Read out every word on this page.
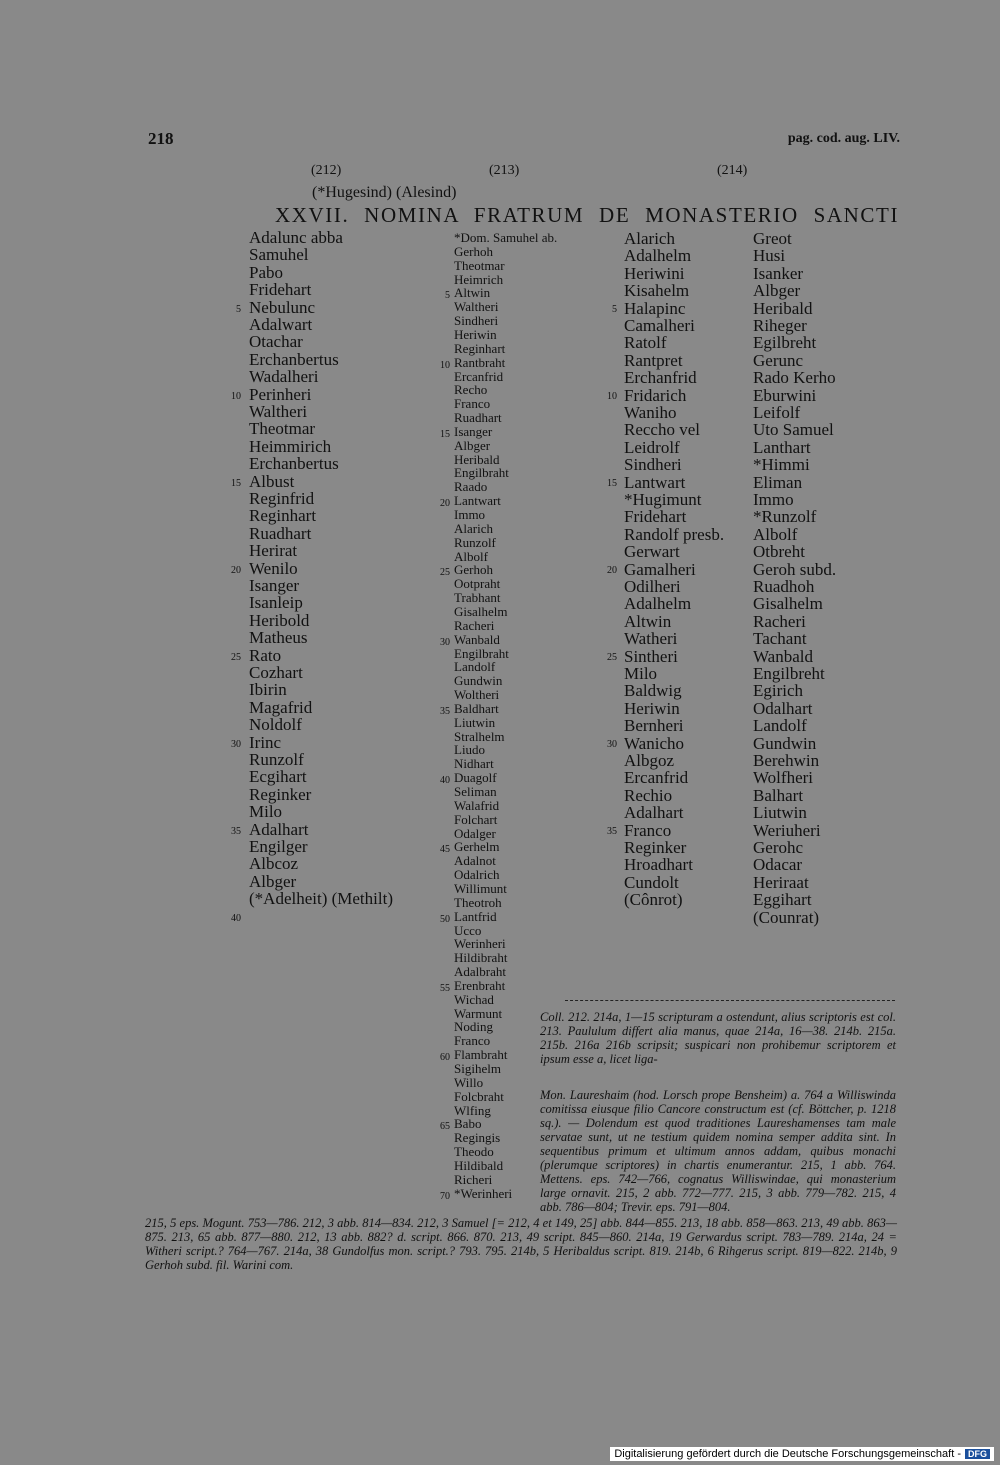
218	pag. cod. aug. LIV.
(212)	(213)	(214)
(*Hugesind) (Alesind)
XXVII. NOMINA FRATRUM DE MONASTERIO SANCTI
Adalunc abba
Samuhel
Pabo
Fridehart
Nebulunc
Adalwart
Otachar
Erchanbertus
Wadalheri
Perinheri
Waltheri
Theotmar
Heimmirich
Erchanbertus
Albust
Reginfrid
Reginhart
Ruadhart
Herirat
Wenilo
Isanger
Isanleip
Heribold
Matheus
Rato
Cozhart
Ibirin
Magafrid
Noldolf
Irinc
Runzolf
Ecgihart
Reginker
Milo
Adalhart
Engilger
Albcoz
Albger
(*Adelheit) (Methilt)
5
10
15
20
25
30
35
40
*Dom. Samuhel ab.
Gerhoh
Theotmar
Heimrich
Altwin
Waltheri
Sindheri
Heriwin
Reginhart
Rantbraht
Ercanfrid
Recho
Franco
Ruadhart
Isanger
Albger
Heribald
Engilbraht
Raado
Lantwart
Immo
Alarich
Runzolf
Albolf
Gerhoh
Ootpraht
Trabhant
Gisalhelm
Racheri
Wanbald
Engilbraht
Landolf
Gundwin
Woltheri
Baldhart
Liutwin
Stralhelm
Liudo
Nidhart
Duagolf
Seliman
Walafrid
Folchart
Odalger
Gerhelm
Adalnot
Odalrich
Willimunt
Theotroh
Lantfrid
Ucco
Werinheri
Hildibraht
Adalbraht
Erenbraht
Wichad
Warmunt
Noding
Franco
Flambraht
Sigihelm
Willo
Folcbraht
Wlfing
Babo
Regingis
Theodo
Hildibald
Richeri
*Werinheri
5
10
15
20
25
30
35
40
45
50
55
60
65
70
Alarich
Adalhelm
Heriwini
Kisahelm
Halapinc
Camalheri
Ratolf
Rantpret
Erchanfrid
Fridarich
Waniho
Reccho vel
Leidrolf
Sindheri
Lantwart
*Hugimunt
Fridehart
Randolf presb.
Gerwart
Gamalheri
Odilheri
Adalhelm
Altwin
Watheri
Sintheri
Milo
Baldwig
Heriwin
Bernheri
Wanicho
Albgoz
Ercanfrid
Rechio
Adalhart
Franco
Reginker
Hroadhart
Cundolt
(Cônrot)
5
10
15
20
25
30
35
Greot
Husi
Isanker
Albger
Heribald
Riheger
Egilbreht
Gerunc
Rado Kerho
Eburwini
Leifolf
Uto Samuel
Lanthart
*Himmi
Eliman
Immo
*Runzolf
Albolf
Otbreht
Geroh subd.
Ruadhoh
Gisalhelm
Racheri
Tachant
Wanbald
Engilbreht
Egirich
Odalhart
Landolf
Gundwin
Berehwin
Wolfheri
Balhart
Liutwin
Weriuheri
Gerohc
Odacar
Heriraat
Eggihart
(Counrat)

Coll. 212. 214a, 1—15 scripturam a ostendunt, alius scriptoris est col. 213. Paululum differt alia manus, quae 214a, 16—38. 214b. 215a. 215b. 216a 216b scripsit; suspicari non prohibemur scriptorem et ipsum esse a, licet liga-

Mon. Laureshaim (hod. Lorsch prope Bensheim) a. 764 a Williswinda comitissa eiusque filio Cancore constructum est (cf. Böttcher, p. 1218 sq.). — Dolendum est quod traditiones Laureshamenses tam male servatae sunt, ut ne testium quidem nomina semper addita sint. In sequentibus primum et ultimum annos addam, quibus monachi (plerumque scriptores) in chartis enumerantur. 215, 1 abb. 764. Mettens. eps. 742—766, cognatus Williswindae, qui monasterium large ornavit. 215, 2 abb. 772—777. 215, 3 abb. 779—782. 215, 4 abb. 786—804; Trevir. eps. 791—804.

215, 5 eps. Mogunt. 753—786. 212, 3 abb. 814—834. 212, 3 Samuel [= 212, 4 et 149, 25] abb. 844—855. 213, 18 abb. 858—863. 213, 49 abb. 863—875. 213, 65 abb. 877—880. 212, 13 abb. 882? d. script. 866. 870. 213, 49 script. 845—860. 214a, 19 Gerwardus script. 783—789. 214a, 24 = Witheri script.? 764—767. 214a, 38 Gundolfus mon. script.? 793. 795. 214b, 5 Heribaldus script. 819. 214b, 6 Rihgerus script. 819—822. 214b, 9 Gerhoh subd. fil. Warini com.
Digitalisierung gefördert durch die Deutsche Forschungsgemeinschaft - DFG
